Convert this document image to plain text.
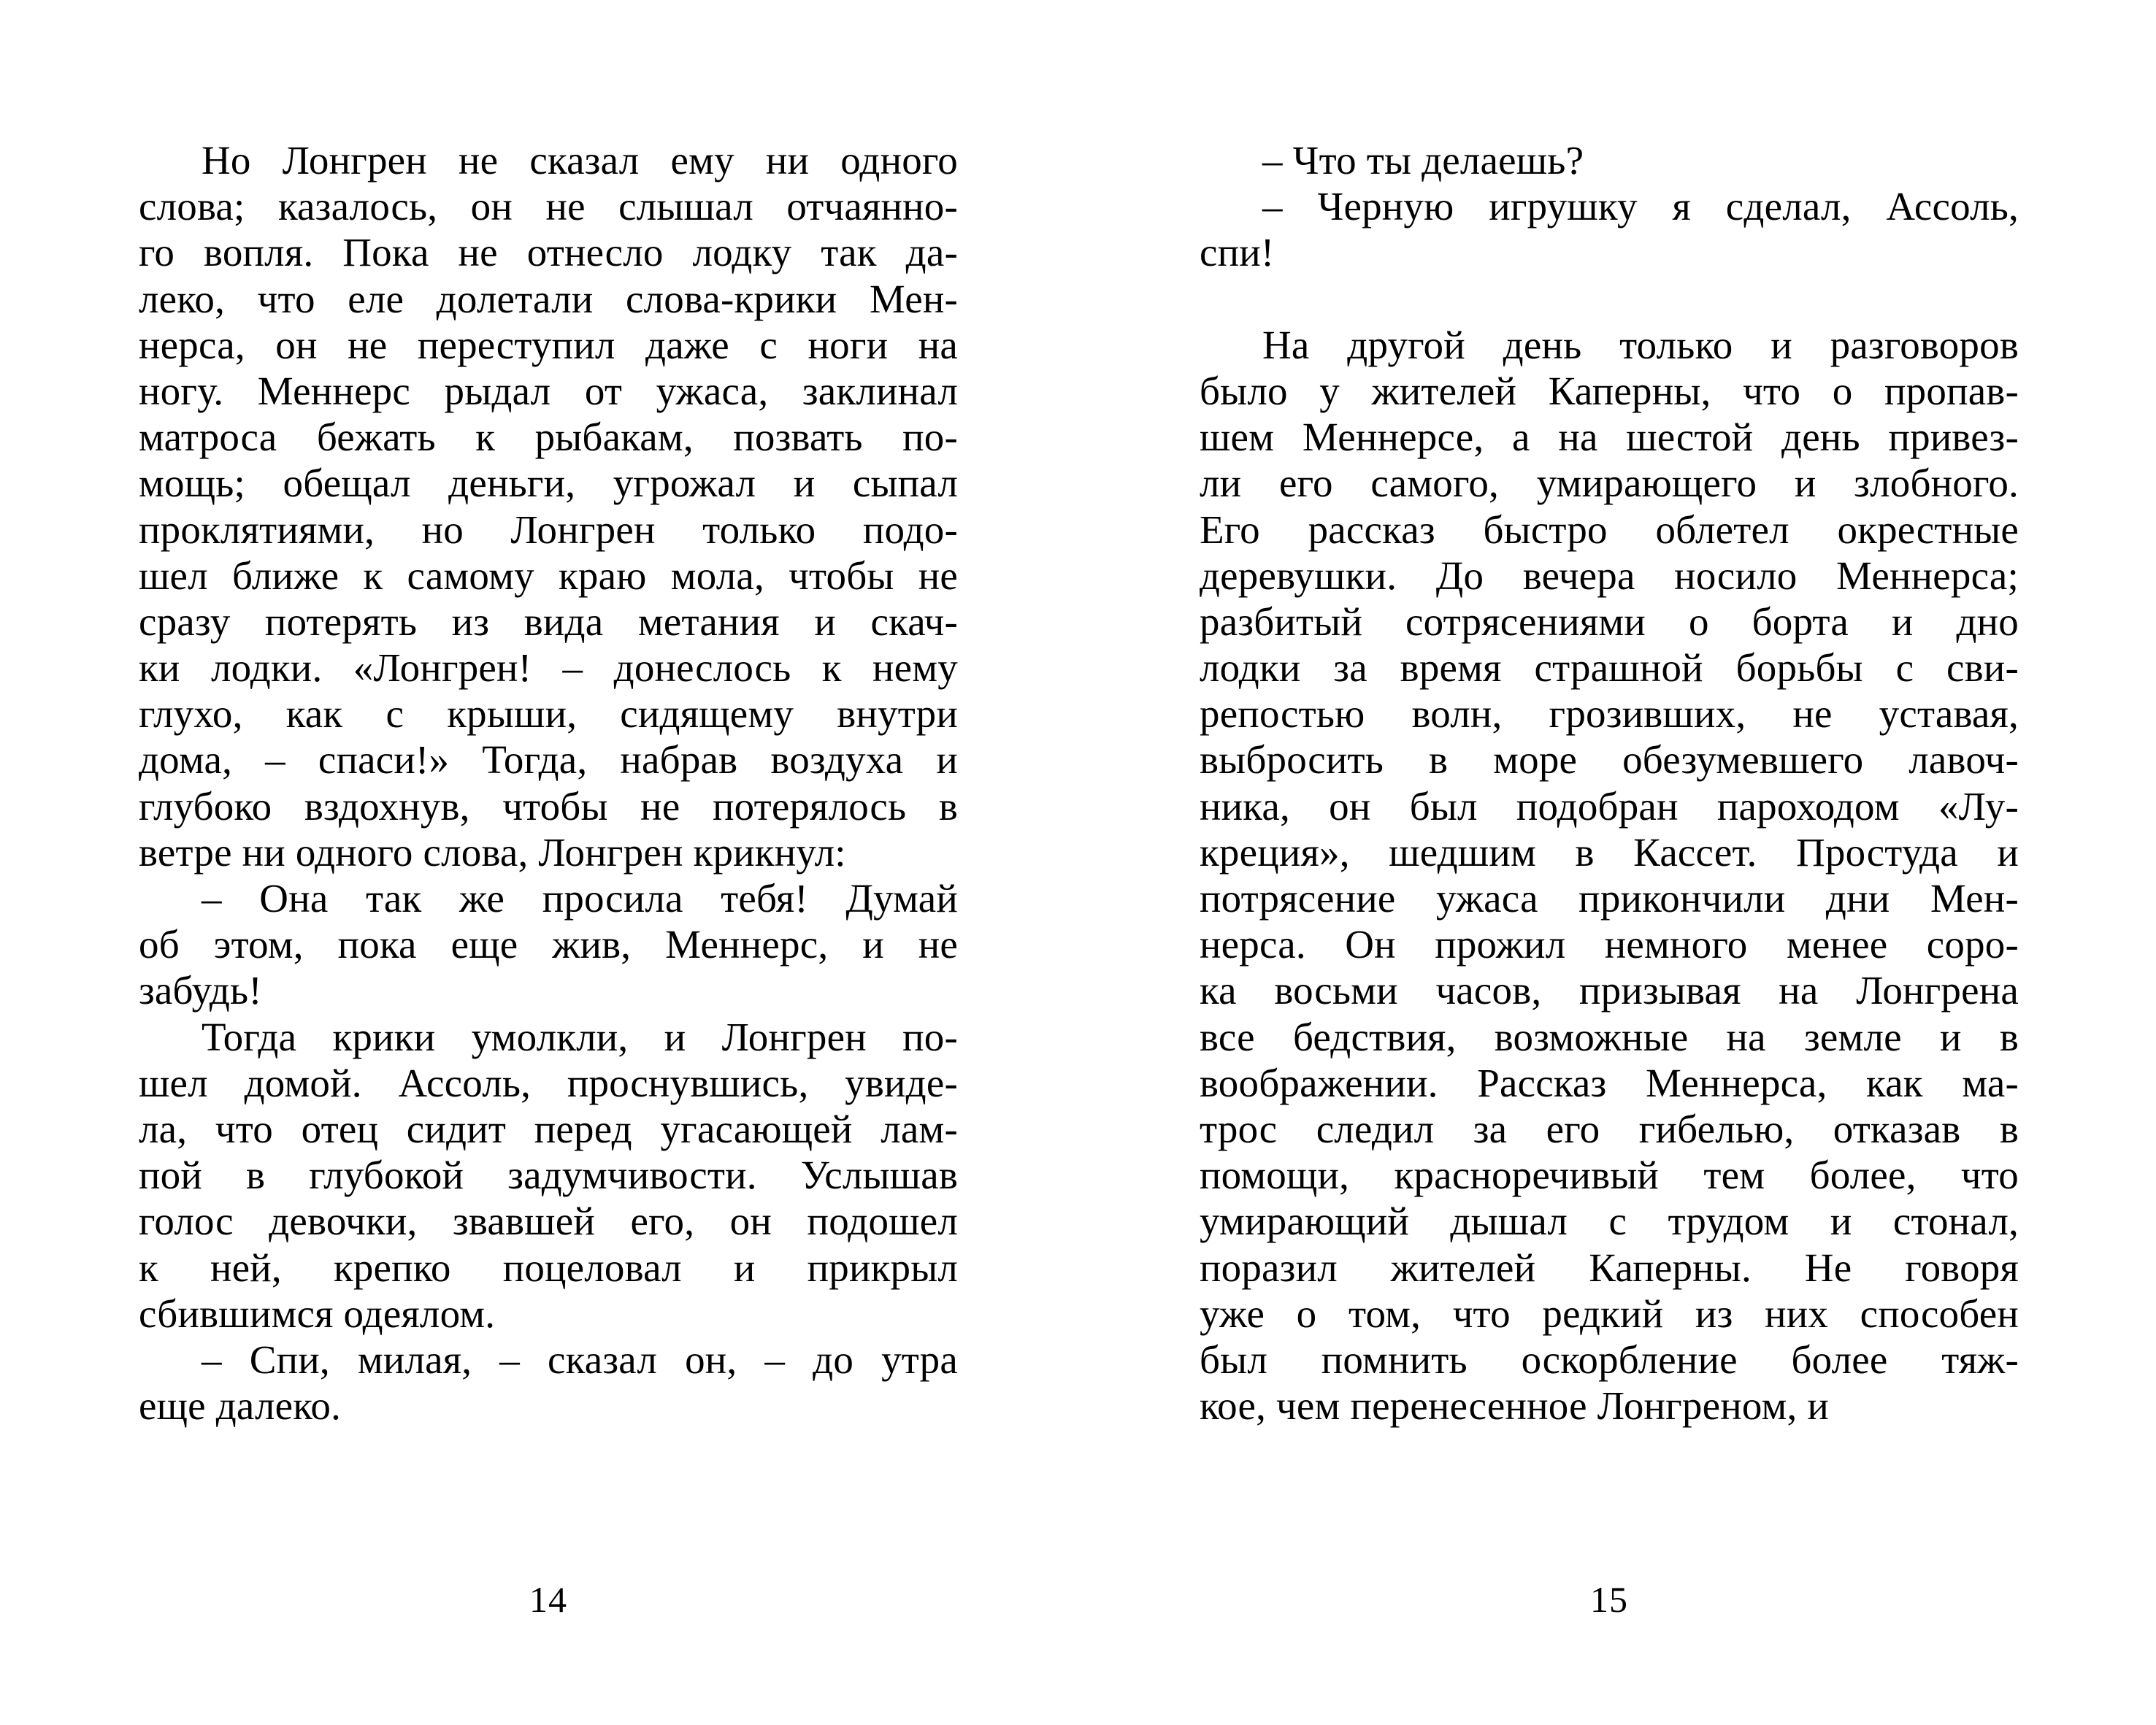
Но Лонгрен не сказал ему ни одного
слова; казалось, он не слышал отчаянно-
го вопля. Пока не отнесло лодку так да-
леко, что еле долетали слова-крики Мен-
нерса, он не переступил даже с ноги на
ногу. Меннерс рыдал от ужаса, заклинал
матроса бежать к рыбакам, позвать по-
мощь; обещал деньги, угрожал и сыпал
проклятиями, но Лонгрен только подо-
шел ближе к самому краю мола, чтобы не
сразу потерять из вида метания и скач-
ки лодки. «Лонгрен! – донеслось к нему
глухо, как с крыши, сидящему внутри
дома, – спаси!» Тогда, набрав воздуха и
глубоко вздохнув, чтобы не потерялось в
ветре ни одного слова, Лонгрен крикнул:
– Она так же просила тебя! Думай
об этом, пока еще жив, Меннерс, и не
забудь!
Тогда крики умолкли, и Лонгрен по-
шел домой. Ассоль, проснувшись, увиде-
ла, что отец сидит перед угасающей лам-
пой в глубокой задумчивости. Услышав
голос девочки, звавшей его, он подошел
к ней, крепко поцеловал и прикрыл
сбившимся одеялом.
– Спи, милая, – сказал он, – до утра
еще далеко.
14
– Что ты делаешь?
– Черную игрушку я сделал, Ассоль,
спи!
На другой день только и разговоров
было у жителей Каперны, что о пропав-
шем Меннерсе, а на шестой день привез-
ли его самого, умирающего и злобного.
Его рассказ быстро облетел окрестные
деревушки. До вечера носило Меннерса;
разбитый сотрясениями о борта и дно
лодки за время страшной борьбы с сви-
репостью волн, грозивших, не уставая,
выбросить в море обезумевшего лавоч-
ника, он был подобран пароходом «Лу-
креция», шедшим в Кассет. Простуда и
потрясение ужаса прикончили дни Мен-
нерса. Он прожил немного менее соро-
ка восьми часов, призывая на Лонгрена
все бедствия, возможные на земле и в
воображении. Рассказ Меннерса, как ма-
трос следил за его гибелью, отказав в
помощи, красноречивый тем более, что
умирающий дышал с трудом и стонал,
поразил жителей Каперны. Не говоря
уже о том, что редкий из них способен
был помнить оскорбление более тяж-
кое, чем перенесенное Лонгреном, и
15
